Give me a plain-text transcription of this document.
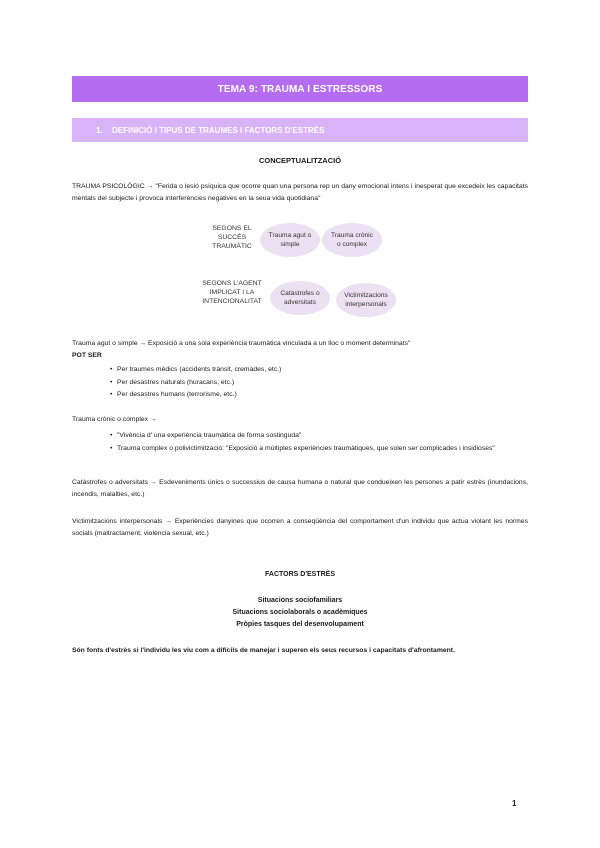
TEMA 9: TRAUMA I ESTRESSORS
1.	DEFINICIÓ I TIPUS DE TRAUMES I FACTORS D'ESTRÈS
CONCEPTUALITZACIÓ
TRAUMA PSICOLÒGIC → "Ferida o lesió psíquica que ocorre quan una persona rep un dany emocional intens i inesperat que excedeix les capacitats mentals del subjecte i provoca interferències negatives en la seua vida quotidiana"
SEGONS EL
SUCCÉS
TRAUMÀTIC
Trauma agut o
simple
Trauma crònic
o complex
SEGONS L'AGENT
IMPLICAT I LA
INTENCIONALITAT
Catàstrofes o
adversitats
Victimitzacions
interpersonals
Trauma agut o simple → Exposició a una sola experiència traumàtica vinculada a un lloc o moment determinats"
POT SER
• Per traumes mèdics (accidents trànsit, cremades, etc.)
• Per desastres naturals (huracans, etc.)
• Per desastres humans (terrorisme, etc.)
Trauma crònic o complex →
• "Vivència d' una experiència traumàtica de forma sostinguda"
• Trauma complex o polivictimització: "Exposició a múltiples experiències traumàtiques, que solen ser complicades i insidioses"
Catàstrofes o adversitats → Esdeveniments únics o successius de causa humana o natural que condueixen les persones a patir estrès (inundacions, incendis, malalties, etc.)
Victimitzacions interpersonals → Experiències danyines que ocorren a conseqüència del comportament d'un individu que actua violant les normes socials (maltractament, violència sexual, etc.)
FACTORS D'ESTRÈS
Situacions sociofamiliars
Situacions sociolaborals o acadèmiques
Pròpies tasques del desenvolupament
Són fonts d'estrès si l'individu les viu com a difícils de manejar i superen els seus recursos i capacitats d'afrontament.
1
